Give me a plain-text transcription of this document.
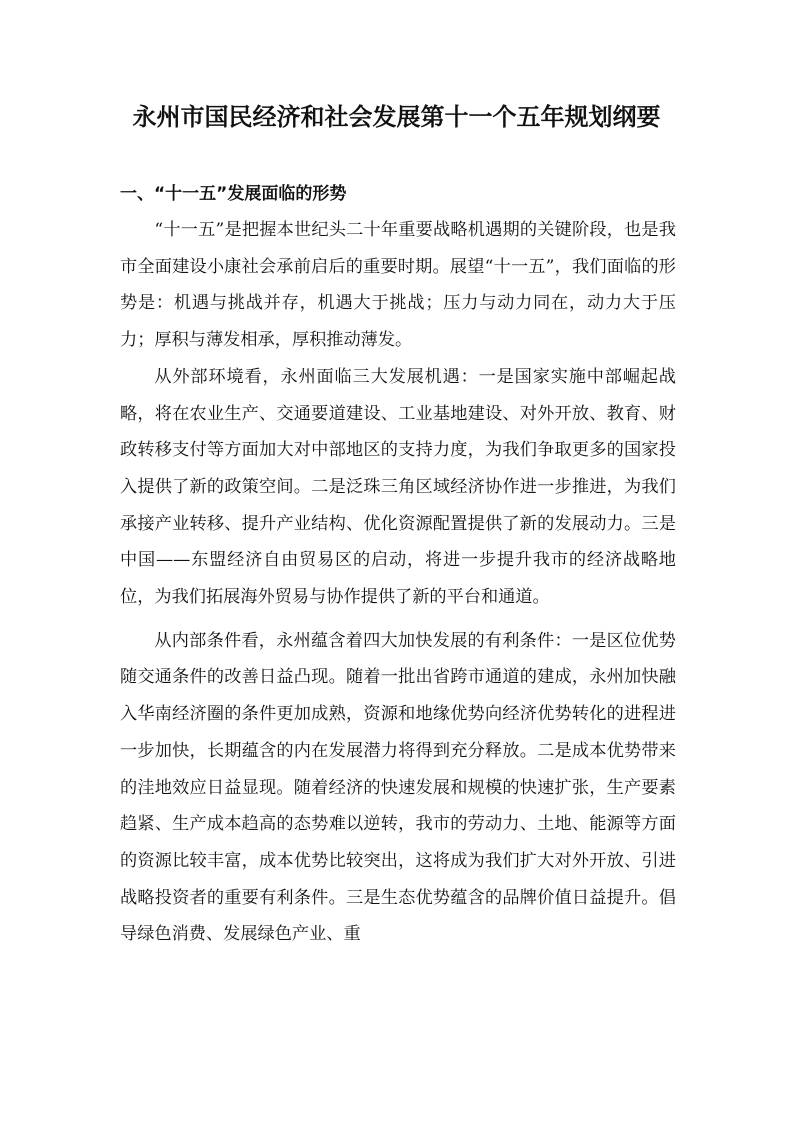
永州市国民经济和社会发展第十一个五年规划纲要
一、“十一五”发展面临的形势

“十一五”是把握本世纪头二十年重要战略机遇期的关键阶段，也是我市全面建设小康社会承前启后的重要时期。展望“十一五”，我们面临的形势是：机遇与挑战并存，机遇大于挑战；压力与动力同在，动力大于压力；厚积与薄发相承，厚积推动薄发。

从外部环境看，永州面临三大发展机遇：一是国家实施中部崛起战略，将在农业生产、交通要道建设、工业基地建设、对外开放、教育、财政转移支付等方面加大对中部地区的支持力度，为我们争取更多的国家投入提供了新的政策空间。二是泛珠三角区域经济协作进一步推进，为我们承接产业转移、提升产业结构、优化资源配置提供了新的发展动力。三是中国——东盟经济自由贸易区的启动，将进一步提升我市的经济战略地位，为我们拓展海外贸易与协作提供了新的平台和通道。

从内部条件看，永州蕴含着四大加快发展的有利条件：一是区位优势随交通条件的改善日益凸现。随着一批出省跨市通道的建成，永州加快融入华南经济圈的条件更加成熟，资源和地缘优势向经济优势转化的进程进一步加快，长期蕴含的内在发展潜力将得到充分释放。二是成本优势带来的洼地效应日益显现。随着经济的快速发展和规模的快速扩张，生产要素趋紧、生产成本趋高的态势难以逆转，我市的劳动力、土地、能源等方面的资源比较丰富，成本优势比较突出，这将成为我们扩大对外开放、引进战略投资者的重要有利条件。三是生态优势蕴含的品牌价值日益提升。倡导绿色消费、发展绿色产业、重
